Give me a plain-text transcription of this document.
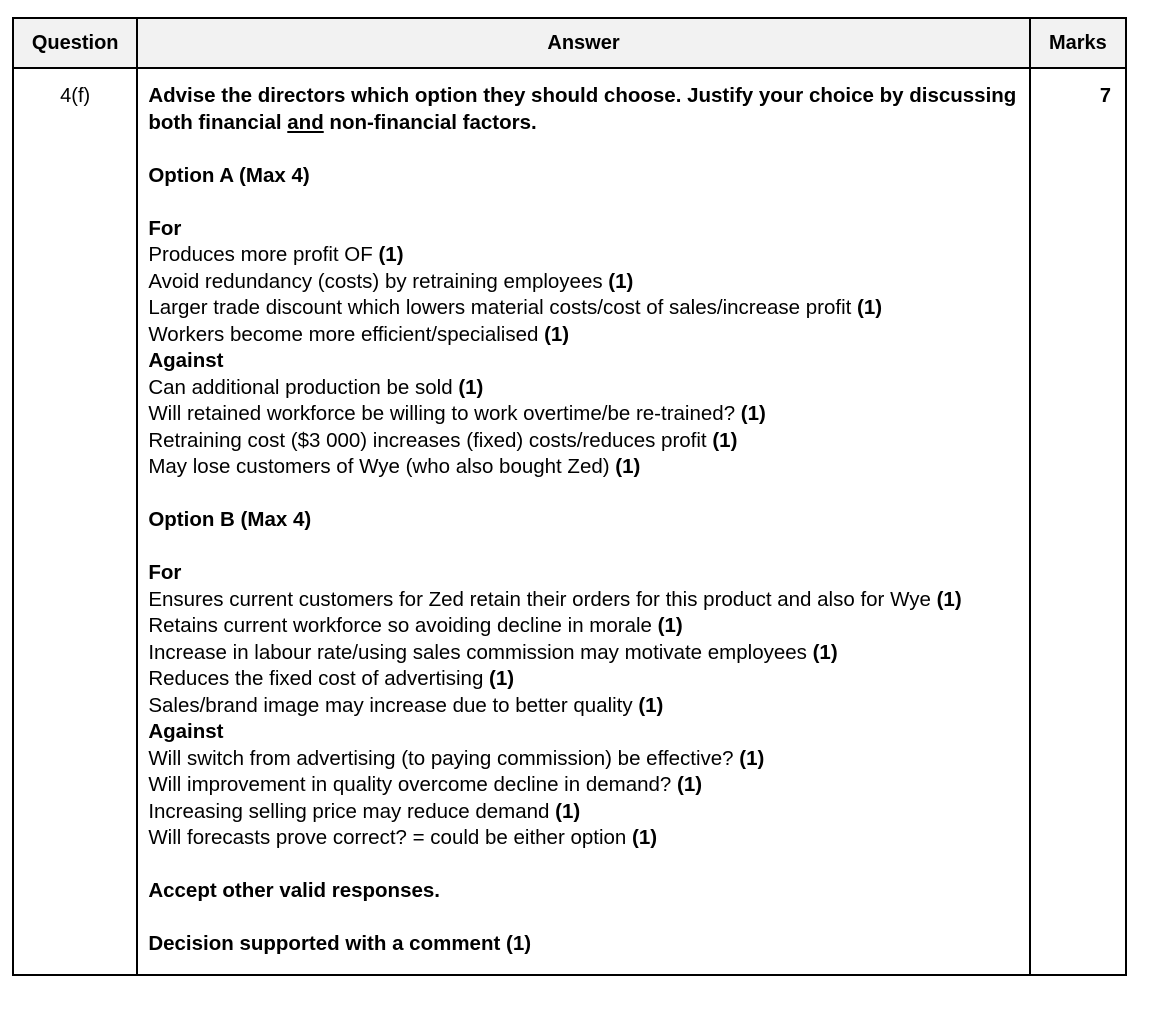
Question	Answer	Marks
4(f)	Advise the directors which option they should choose. Justify your choice by discussing both financial and non-financial factors.
Option A (Max 4)
For
Produces more profit OF (1)
Avoid redundancy (costs) by retraining employees (1)
Larger trade discount which lowers material costs/cost of sales/increase profit (1)
Workers become more efficient/specialised (1)
Against
Can additional production be sold (1)
Will retained workforce be willing to work overtime/be re-trained? (1)
Retraining cost ($3 000) increases (fixed) costs/reduces profit (1)
May lose customers of Wye (who also bought Zed) (1)
Option B (Max 4)
For
Ensures current customers for Zed retain their orders for this product and also for Wye (1)
Retains current workforce so avoiding decline in morale (1)
Increase in labour rate/using sales commission may motivate employees (1)
Reduces the fixed cost of advertising (1)
Sales/brand image may increase due to better quality (1)
Against
Will switch from advertising (to paying commission) be effective? (1)
Will improvement in quality overcome decline in demand? (1)
Increasing selling price may reduce demand (1)
Will forecasts prove correct? = could be either option (1)
Accept other valid responses.
Decision supported with a comment (1)
	7
